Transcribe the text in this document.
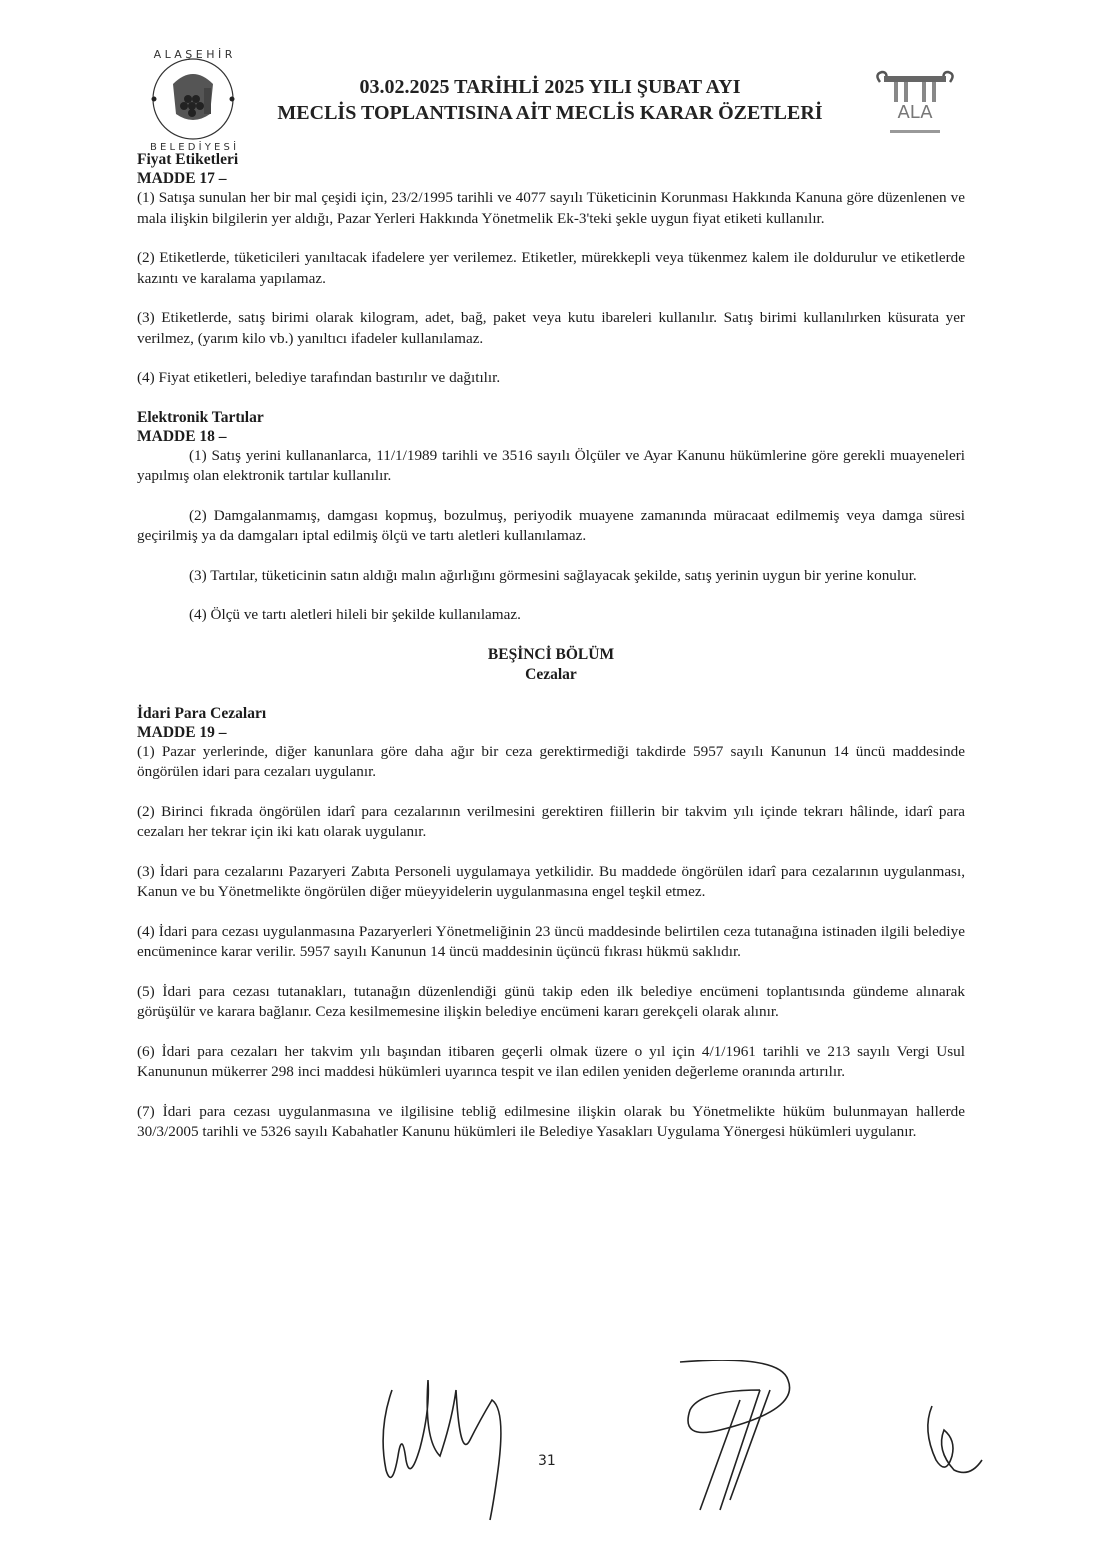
A L A Ş E H İ R
B E L E D İ Y E S İ
03.02.2025 TARİHLİ 2025 YILI ŞUBAT AYI
MECLİS TOPLANTISINA AİT MECLİS KARAR ÖZETLERİ	ALA
Fiyat Etiketleri
MADDE 17 –

(1) Satışa sunulan her bir mal çeşidi için, 23/2/1995 tarihli ve 4077 sayılı Tüketicinin Korunması Hakkında Kanuna göre düzenlenen ve mala ilişkin bilgilerin yer aldığı, Pazar Yerleri Hakkında Yönetmelik Ek-3'teki şekle uygun fiyat etiketi kullanılır.

(2) Etiketlerde, tüketicileri yanıltacak ifadelere yer verilemez. Etiketler, mürekkepli veya tükenmez kalem ile doldurulur ve etiketlerde kazıntı ve karalama yapılamaz.

(3) Etiketlerde, satış birimi olarak kilogram, adet, bağ, paket veya kutu ibareleri kullanılır. Satış birimi kullanılırken küsurata yer verilmez, (yarım kilo vb.) yanıltıcı ifadeler kullanılamaz.

(4) Fiyat etiketleri, belediye tarafından bastırılır ve dağıtılır.

Elektronik Tartılar
MADDE 18 –

(1) Satış yerini kullananlarca, 11/1/1989 tarihli ve 3516 sayılı Ölçüler ve Ayar Kanunu hükümlerine göre gerekli muayeneleri yapılmış olan elektronik tartılar kullanılır.

(2) Damgalanmamış, damgası kopmuş, bozulmuş, periyodik muayene zamanında müracaat edilmemiş veya damga süresi geçirilmiş ya da damgaları iptal edilmiş ölçü ve tartı aletleri kullanılamaz.

(3) Tartılar, tüketicinin satın aldığı malın ağırlığını görmesini sağlayacak şekilde, satış yerinin uygun bir yerine konulur.

(4) Ölçü ve tartı aletleri hileli bir şekilde kullanılamaz.

BEŞİNCİ BÖLÜM
Cezalar
İdari Para Cezaları
MADDE 19 –

(1) Pazar yerlerinde, diğer kanunlara göre daha ağır bir ceza gerektirmediği takdirde 5957 sayılı Kanunun 14 üncü maddesinde öngörülen idari para cezaları uygulanır.

(2) Birinci fıkrada öngörülen idarî para cezalarının verilmesini gerektiren fiillerin bir takvim yılı içinde tekrarı hâlinde, idarî para cezaları her tekrar için iki katı olarak uygulanır.

(3) İdari para cezalarını Pazaryeri Zabıta Personeli uygulamaya yetkilidir. Bu maddede öngörülen idarî para cezalarının uygulanması, Kanun ve bu Yönetmelikte öngörülen diğer müeyyidelerin uygulanmasına engel teşkil etmez.

(4) İdari para cezası uygulanmasına Pazaryerleri Yönetmeliğinin 23 üncü maddesinde belirtilen ceza tutanağına istinaden ilgili belediye encümenince karar verilir. 5957 sayılı Kanunun 14 üncü maddesinin üçüncü fıkrası hükmü saklıdır.

(5) İdari para cezası tutanakları, tutanağın düzenlendiği günü takip eden ilk belediye encümeni toplantısında gündeme alınarak görüşülür ve karara bağlanır. Ceza kesilmemesine ilişkin belediye encümeni kararı gerekçeli olarak alınır.

(6) İdari para cezaları her takvim yılı başından itibaren geçerli olmak üzere o yıl için 4/1/1961 tarihli ve 213 sayılı Vergi Usul Kanununun mükerrer 298 inci maddesi hükümleri uyarınca tespit ve ilan edilen yeniden değerleme oranında artırılır.

(7) İdari para cezası uygulanmasına ve ilgilisine tebliğ edilmesine ilişkin olarak bu Yönetmelikte hüküm bulunmayan hallerde 30/3/2005 tarihli ve 5326 sayılı Kabahatler Kanunu hükümleri ile Belediye Yasakları Uygulama Yönergesi hükümleri uygulanır.

31
